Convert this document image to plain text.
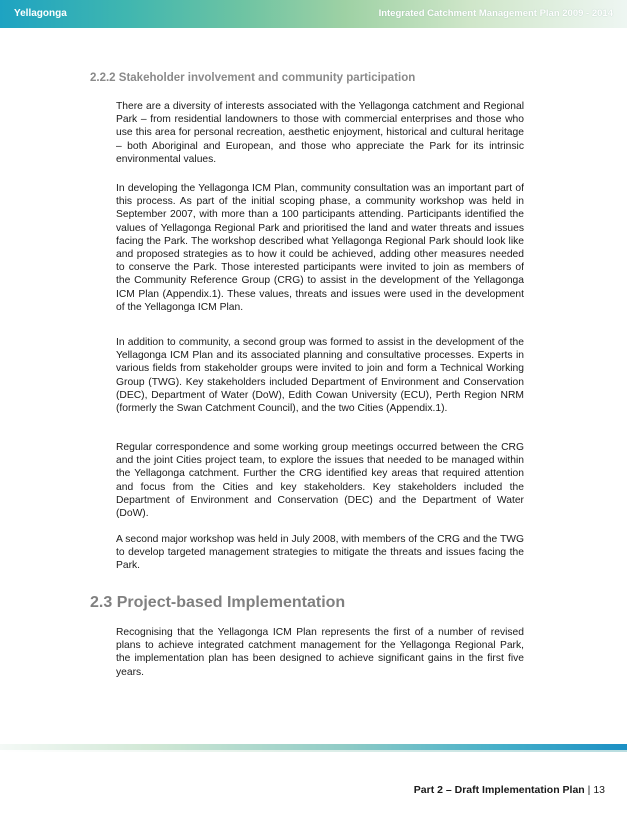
Yellagonga	Integrated Catchment Management Plan 2009 - 2014
2.2.2 Stakeholder involvement and community participation

There are a diversity of interests associated with the Yellagonga catchment and Regional Park – from residential landowners to those with commercial enterprises and those who use this area for personal recreation, aesthetic enjoyment, historical and cultural heritage – both Aboriginal and European, and those who appreciate the Park for its intrinsic environmental values.

In developing the Yellagonga ICM Plan, community consultation was an important part of this process. As part of the initial scoping phase, a community workshop was held in September 2007, with more than a 100 participants attending. Participants identified the values of Yellagonga Regional Park and prioritised the land and water threats and issues facing the Park. The workshop described what Yellagonga Regional Park should look like and proposed strategies as to how it could be achieved, adding other measures needed to conserve the Park. Those interested participants were invited to join as members of the Community Reference Group (CRG) to assist in the development of the Yellagonga ICM Plan (Appendix.1). These values, threats and issues were used in the development of the Yellagonga ICM Plan.

In addition to community, a second group was formed to assist in the development of the Yellagonga ICM Plan and its associated planning and consultative processes. Experts in various fields from stakeholder groups were invited to join and form a Technical Working Group (TWG). Key stakeholders included Department of Environment and Conservation (DEC), Department of Water (DoW), Edith Cowan University (ECU), Perth Region NRM (formerly the Swan Catchment Council), and the two Cities (Appendix.1).

Regular correspondence and some working group meetings occurred between the CRG and the joint Cities project team, to explore the issues that needed to be managed within the Yellagonga catchment. Further the CRG identified key areas that required attention and focus from the Cities and key stakeholders. Key stakeholders included the Department of Environment and Conservation (DEC) and the Department of Water (DoW).

A second major workshop was held in July 2008, with members of the CRG and the TWG to develop targeted management strategies to mitigate the threats and issues facing the Park.

2.3 Project-based Implementation

Recognising that the Yellagonga ICM Plan represents the first of a number of revised plans to achieve integrated catchment management for the Yellagonga Regional Park, the implementation plan has been designed to achieve significant gains in the first five years.

Part 2 – Draft Implementation Plan | 13
